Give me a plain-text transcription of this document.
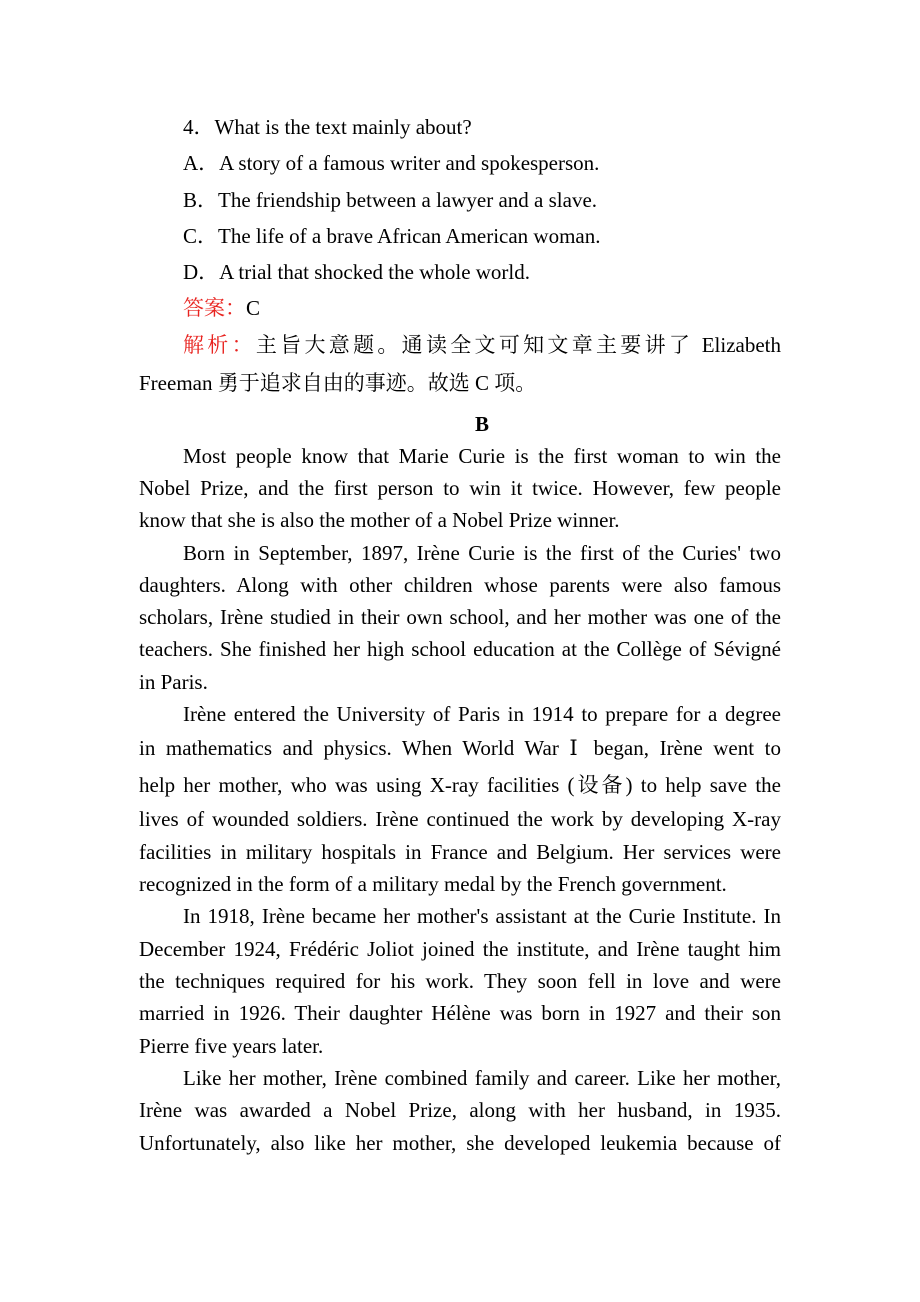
4．What is the text mainly about?
A．A story of a famous writer and spokesperson.
B．The friendship between a lawyer and a slave.
C．The life of a brave African American woman.
D．A trial that shocked the whole world.
答案：C
解析：主旨大意题。通读全文可知文章主要讲了 Elizabeth
Freeman 勇于追求自由的事迹。故选 C 项。
B
Most people know that Marie Curie is the first woman to win the
Nobel Prize, and the first person to win it twice. However, few people
know that she is also the mother of a Nobel Prize winner.
Born in September, 1897, Irène Curie is the first of the Curies' two
daughters. Along with other children whose parents were also famous
scholars, Irène studied in their own school, and her mother was one of the
teachers. She finished her high school education at the Collège of Sévigné
in Paris.
Irène entered the University of Paris in 1914 to prepare for a degree
in mathematics and physics. When World War Ⅰ began, Irène went to
help her mother, who was using X-ray facilities (设备) to help save the
lives of wounded soldiers. Irène continued the work by developing X-ray
facilities in military hospitals in France and Belgium. Her services were
recognized in the form of a military medal by the French government.
In 1918, Irène became her mother's assistant at the Curie Institute. In
December 1924, Frédéric Joliot joined the institute, and Irène taught him
the techniques required for his work. They soon fell in love and were
married in 1926. Their daughter Hélène was born in 1927 and their son
Pierre five years later.
Like her mother, Irène combined family and career. Like her mother,
Irène was awarded a Nobel Prize, along with her husband, in 1935.
Unfortunately, also like her mother, she developed leukemia because of
